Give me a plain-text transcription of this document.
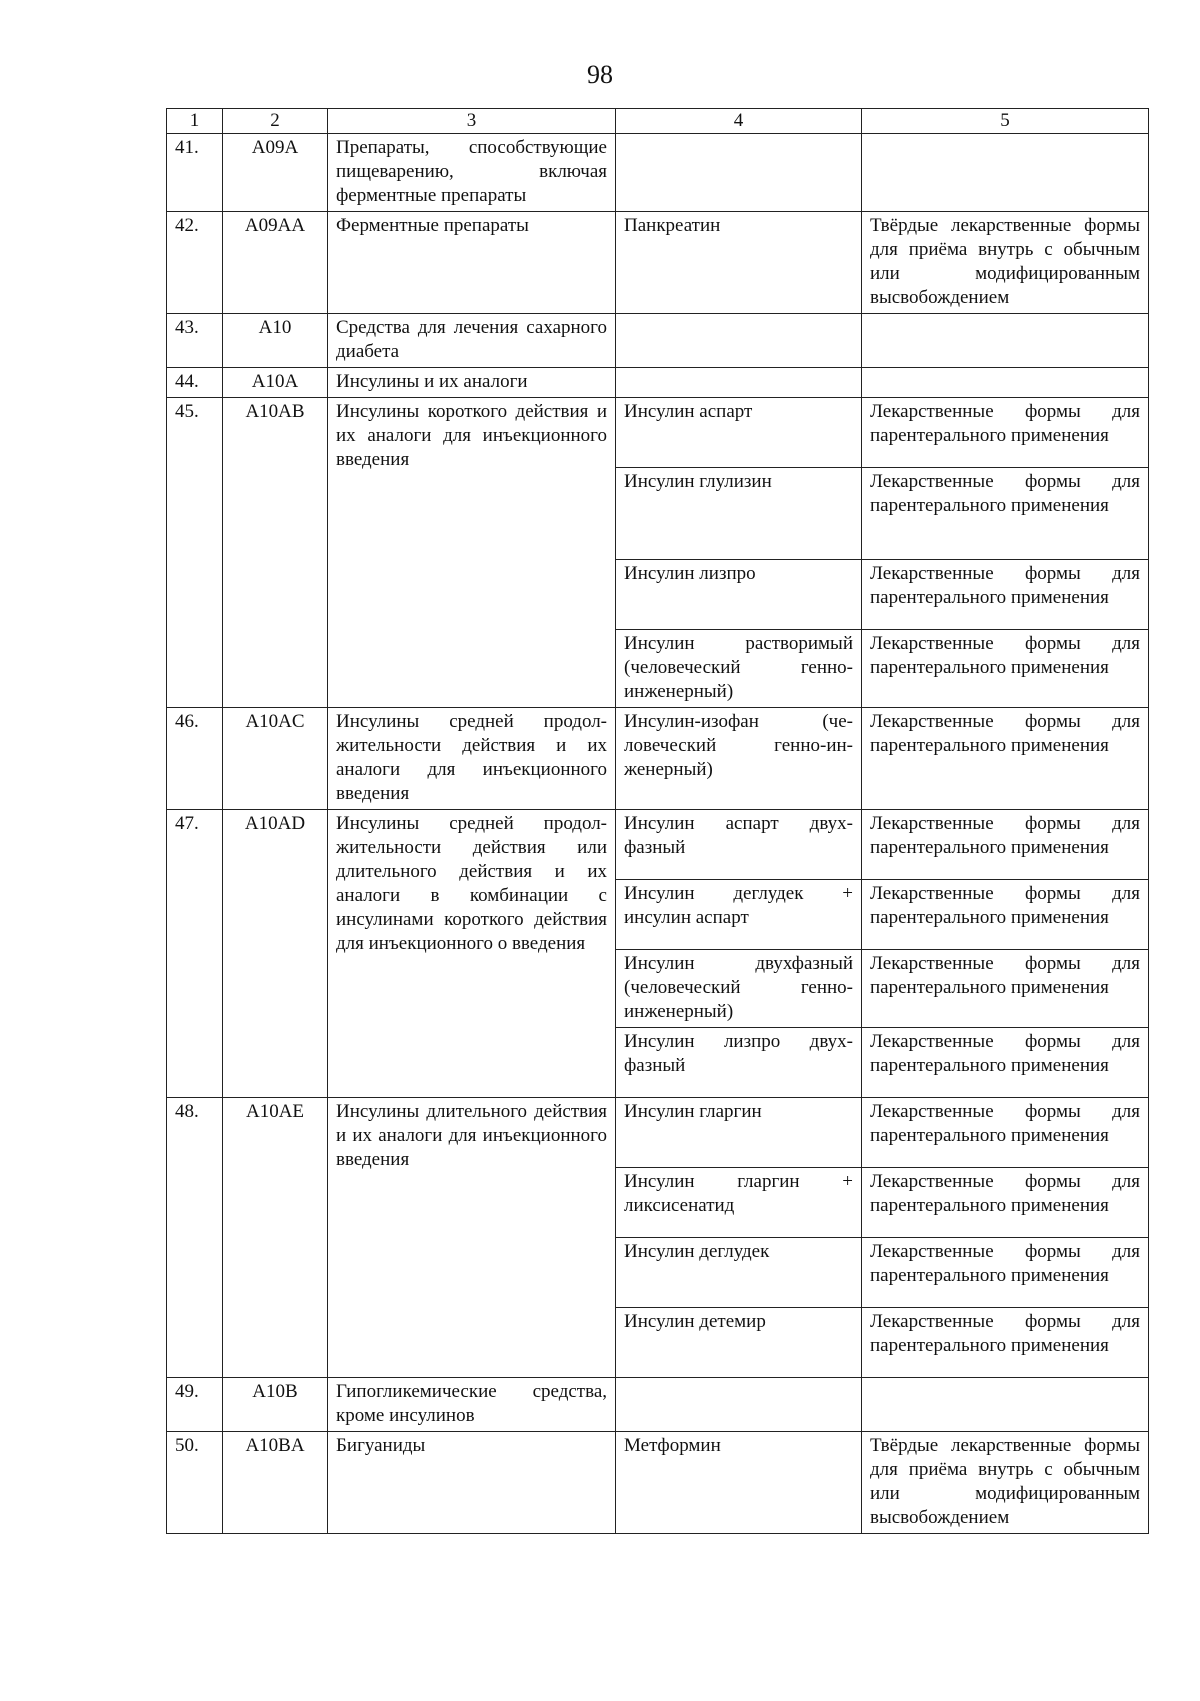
98
1	2	3	4	5
41.	A09A	Препараты, способствующие пищеварению, включая ферментные препараты		
42.	A09AA	Ферментные препараты	Панкреатин	Твёрдые лекарственные формы для приёма внутрь с обычным или модифицированным высвобождением
43.	A10	Средства для лечения сахарного диабета		
44.	A10A	Инсулины и их аналоги		
45.	A10AB	Инсулины короткого действия и их аналоги для инъекционного введения	Инсулин аспарт	Лекарственные формы для парентерального применения
			Инсулин глулизин	Лекарственные формы для парентерального применения
			Инсулин лизпро	Лекарственные формы для парентерального применения
			Инсулин растворимый (человеческий генно-инженерный)	Лекарственные формы для парентерального применения
46.	A10AC	Инсулины средней продолжительности действия и их аналоги для инъекционного введения	Инсулин-изофан (человеческий генно-инженерный)	Лекарственные формы для парентерального применения
47.	A10AD	Инсулины средней продолжительности действия или длительного действия и их аналоги в комбинации с инсулинами короткого действия для инъекционного о введения	Инсулин аспарт двухфазный	Лекарственные формы для парентерального применения
			Инсулин деглудек + инсулин аспарт	Лекарственные формы для парентерального применения
			Инсулин двухфазный (человеческий генно-инженерный)	Лекарственные формы для парентерального применения
			Инсулин лизпро двухфазный	Лекарственные формы для парентерального применения
48.	A10AE	Инсулины длительного действия и их аналоги для инъекционного введения	Инсулин гларгин	Лекарственные формы для парентерального применения
			Инсулин гларгин + ликсисенатид	Лекарственные формы для парентерального применения
			Инсулин деглудек	Лекарственные формы для парентерального применения
			Инсулин детемир	Лекарственные формы для парентерального применения
49.	A10B	Гипогликемические средства, кроме инсулинов		
50.	A10BA	Бигуаниды	Метформин	Твёрдые лекарственные формы для приёма внутрь с обычным или модифицированным высвобождением
